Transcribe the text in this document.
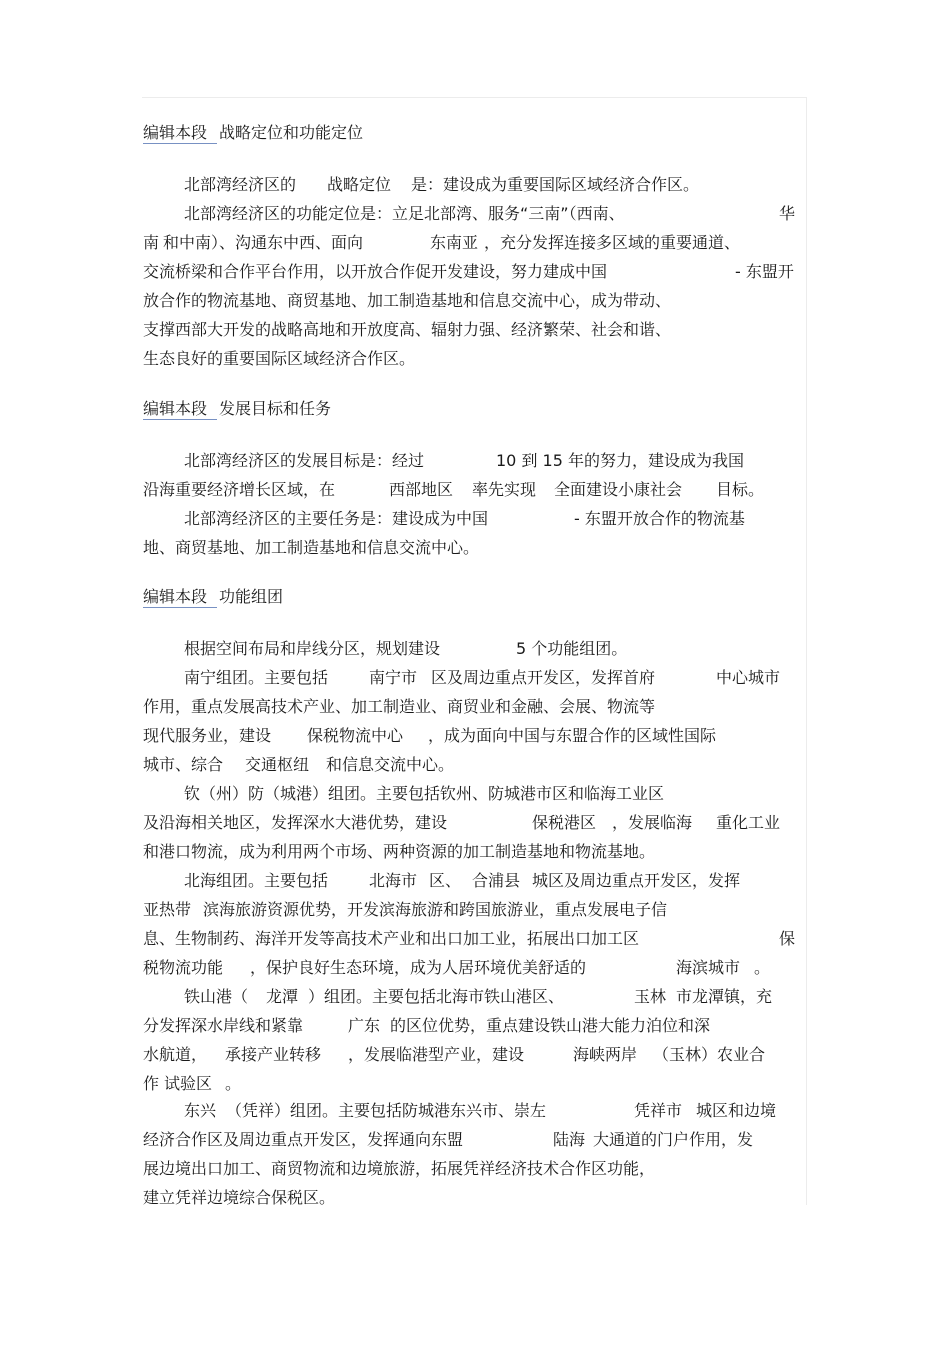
编辑本段 战略定位和功能定位
北部湾经济区的 战略定位 是：建设成为重要国际区域经济合作区。
北部湾经济区的功能定位是：立足北部湾、服务“三南”（西南、	华
南 和中南）、沟通东中西、面向	东南亚 ，充分发挥连接多区域的重要通道、
交流桥梁和合作平台作用，以开放合作促开发建设，努力建成中国	- 东盟开
放合作的物流基地、商贸基地、加工制造基地和信息交流中心，成为带动、
支撑西部大开发的战略高地和开放度高、辐射力强、经济繁荣、社会和谐、
生态良好的重要国际区域经济合作区。
编辑本段 发展目标和任务
北部湾经济区的发展目标是：经过	10 到 15 年的努力，建设成为我国
沿海重要经济增长区域，在	西部地区 率先实现 全面建设小康社会 目标。
北部湾经济区的主要任务是：建设成为中国	- 东盟开放合作的物流基
地、商贸基地、加工制造基地和信息交流中心。
编辑本段 功能组团
根据空间布局和岸线分区，规划建设	5 个功能组团。
南宁组团。主要包括	南宁市 区及周边重点开发区，发挥首府	中心城市
作用，重点发展高技术产业、加工制造业、商贸业和金融、会展、物流等
现代服务业，建设 保税物流中心 ，成为面向中国与东盟合作的区域性国际
城市、综合 交通枢纽 和信息交流中心。
钦（州）防（城港）组团。主要包括钦州、防城港市区和临海工业区
及沿海相关地区，发挥深水大港优势，建设	保税港区 ，发展临海 重化工业
和港口物流，成为利用两个市场、两种资源的加工制造基地和物流基地。
北海组团。主要包括	北海市 区、 合浦县 城区及周边重点开发区，发挥
亚热带 滨海旅游资源优势，开发滨海旅游和跨国旅游业，重点发展电子信
息、生物制药、海洋开发等高技术产业和出口加工业，拓展出口加工区	保
税物流功能 ，保护良好生态环境，成为人居环境优美舒适的	海滨城市 。
铁山港（ 龙潭 ）组团。主要包括北海市铁山港区、	玉林 市龙潭镇，充
分发挥深水岸线和紧靠	广东 的区位优势，重点建设铁山港大能力泊位和深
水航道， 承接产业转移 ，发展临港型产业，建设	海峡两岸 （玉林）农业合
作 试验区 。
东兴 （凭祥）组团。主要包括防城港东兴市、崇左	凭祥市 城区和边境
经济合作区及周边重点开发区，发挥通向东盟	陆海 大通道的门户作用，发
展边境出口加工、商贸物流和边境旅游，拓展凭祥经济技术合作区功能，
建立凭祥边境综合保税区。
